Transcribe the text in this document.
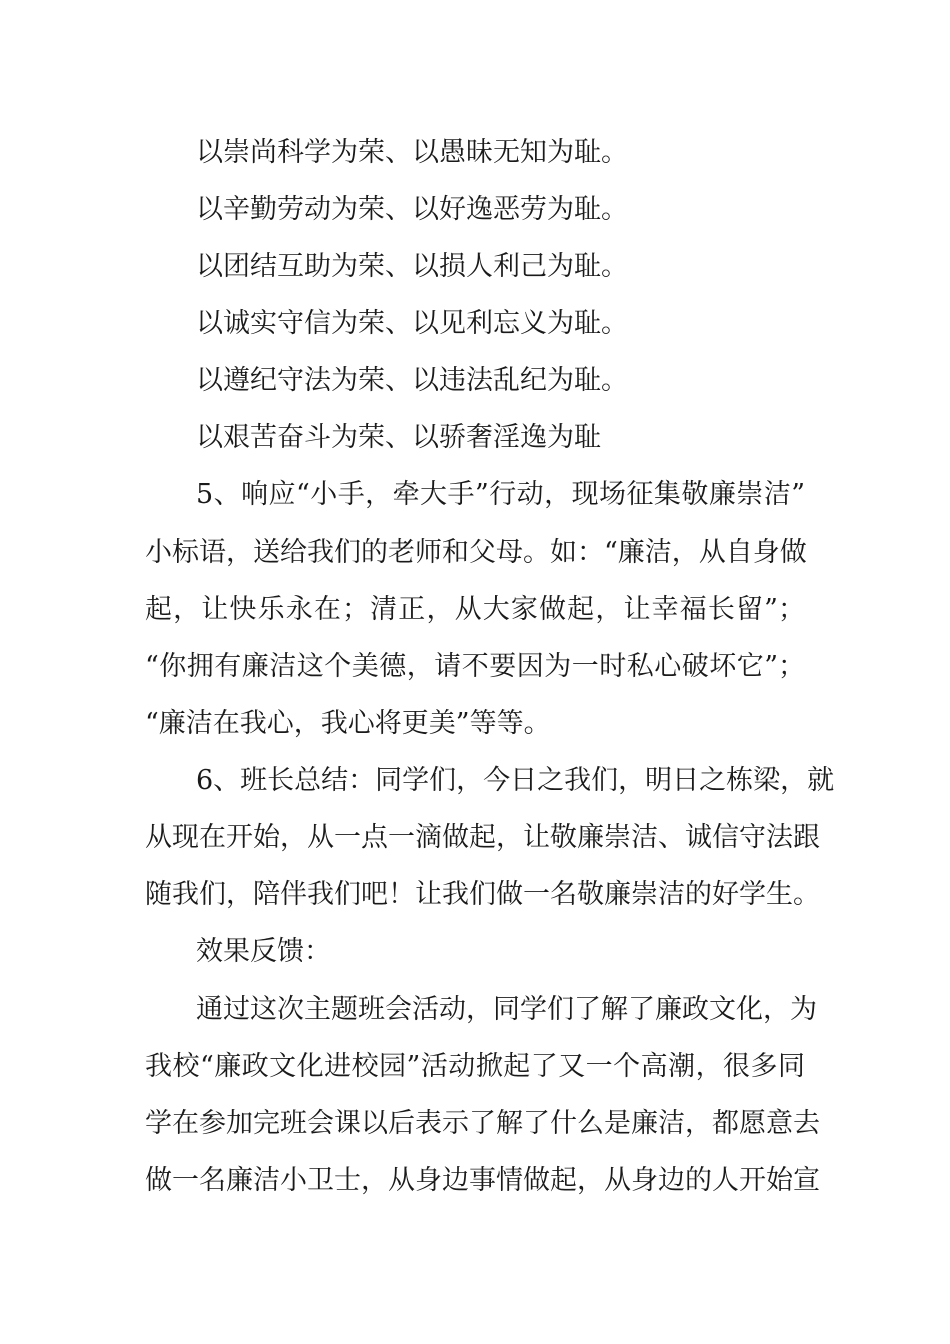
以崇尚科学为荣、以愚昧无知为耻。
以辛勤劳动为荣、以好逸恶劳为耻。
以团结互助为荣、以损人利己为耻。
以诚实守信为荣、以见利忘义为耻。
以遵纪守法为荣、以违法乱纪为耻。
以艰苦奋斗为荣、以骄奢淫逸为耻
5、响应“小手，牵大手”行动，现场征集敬廉崇洁”
小标语，送给我们的老师和父母。如：“廉洁，从自身做
起，让快乐永在；清正，从大家做起，让幸福长留”；
“你拥有廉洁这个美德，请不要因为一时私心破坏它”；
“廉洁在我心，我心将更美”等等。
6、班长总结：同学们，今日之我们，明日之栋梁，就
从现在开始，从一点一滴做起，让敬廉崇洁、诚信守法跟
随我们，陪伴我们吧！让我们做一名敬廉崇洁的好学生。
效果反馈：
通过这次主题班会活动，同学们了解了廉政文化，为
我校“廉政文化进校园”活动掀起了又一个高潮，很多同
学在参加完班会课以后表示了解了什么是廉洁，都愿意去
做一名廉洁小卫士，从身边事情做起，从身边的人开始宣
